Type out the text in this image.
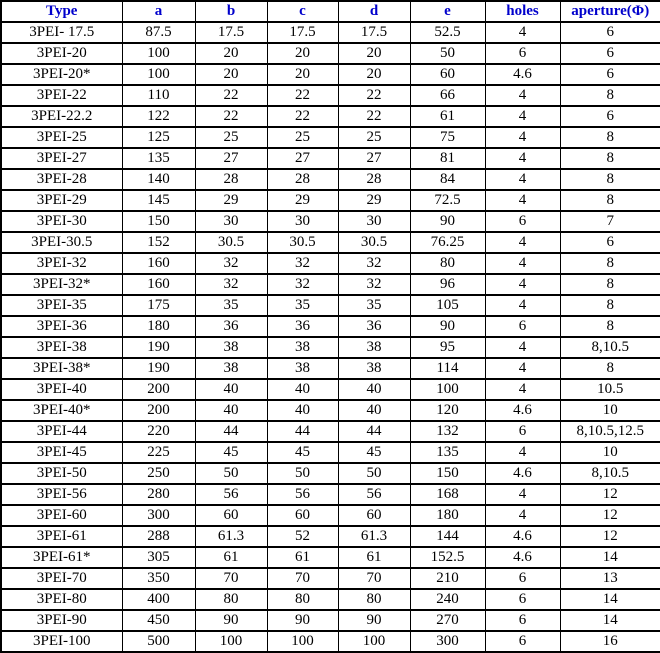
Type	a	b	c	d	e	holes	aperture(Φ)
3PEI- 17.5	87.5	17.5	17.5	17.5	52.5	4	6
3PEI-20	100	20	20	20	50	6	6
3PEI-20*	100	20	20	20	60	4.6	6
3PEI-22	110	22	22	22	66	4	8
3PEI-22.2	122	22	22	22	61	4	6
3PEI-25	125	25	25	25	75	4	8
3PEI-27	135	27	27	27	81	4	8
3PEI-28	140	28	28	28	84	4	8
3PEI-29	145	29	29	29	72.5	4	8
3PEI-30	150	30	30	30	90	6	7
3PEI-30.5	152	30.5	30.5	30.5	76.25	4	6
3PEI-32	160	32	32	32	80	4	8
3PEI-32*	160	32	32	32	96	4	8
3PEI-35	175	35	35	35	105	4	8
3PEI-36	180	36	36	36	90	6	8
3PEI-38	190	38	38	38	95	4	8,10.5
3PEI-38*	190	38	38	38	114	4	8
3PEI-40	200	40	40	40	100	4	10.5
3PEI-40*	200	40	40	40	120	4.6	10
3PEI-44	220	44	44	44	132	6	8,10.5,12.5
3PEI-45	225	45	45	45	135	4	10
3PEI-50	250	50	50	50	150	4.6	8,10.5
3PEI-56	280	56	56	56	168	4	12
3PEI-60	300	60	60	60	180	4	12
3PEI-61	288	61.3	52	61.3	144	4.6	12
3PEI-61*	305	61	61	61	152.5	4.6	14
3PEI-70	350	70	70	70	210	6	13
3PEI-80	400	80	80	80	240	6	14
3PEI-90	450	90	90	90	270	6	14
3PEI-100	500	100	100	100	300	6	16
